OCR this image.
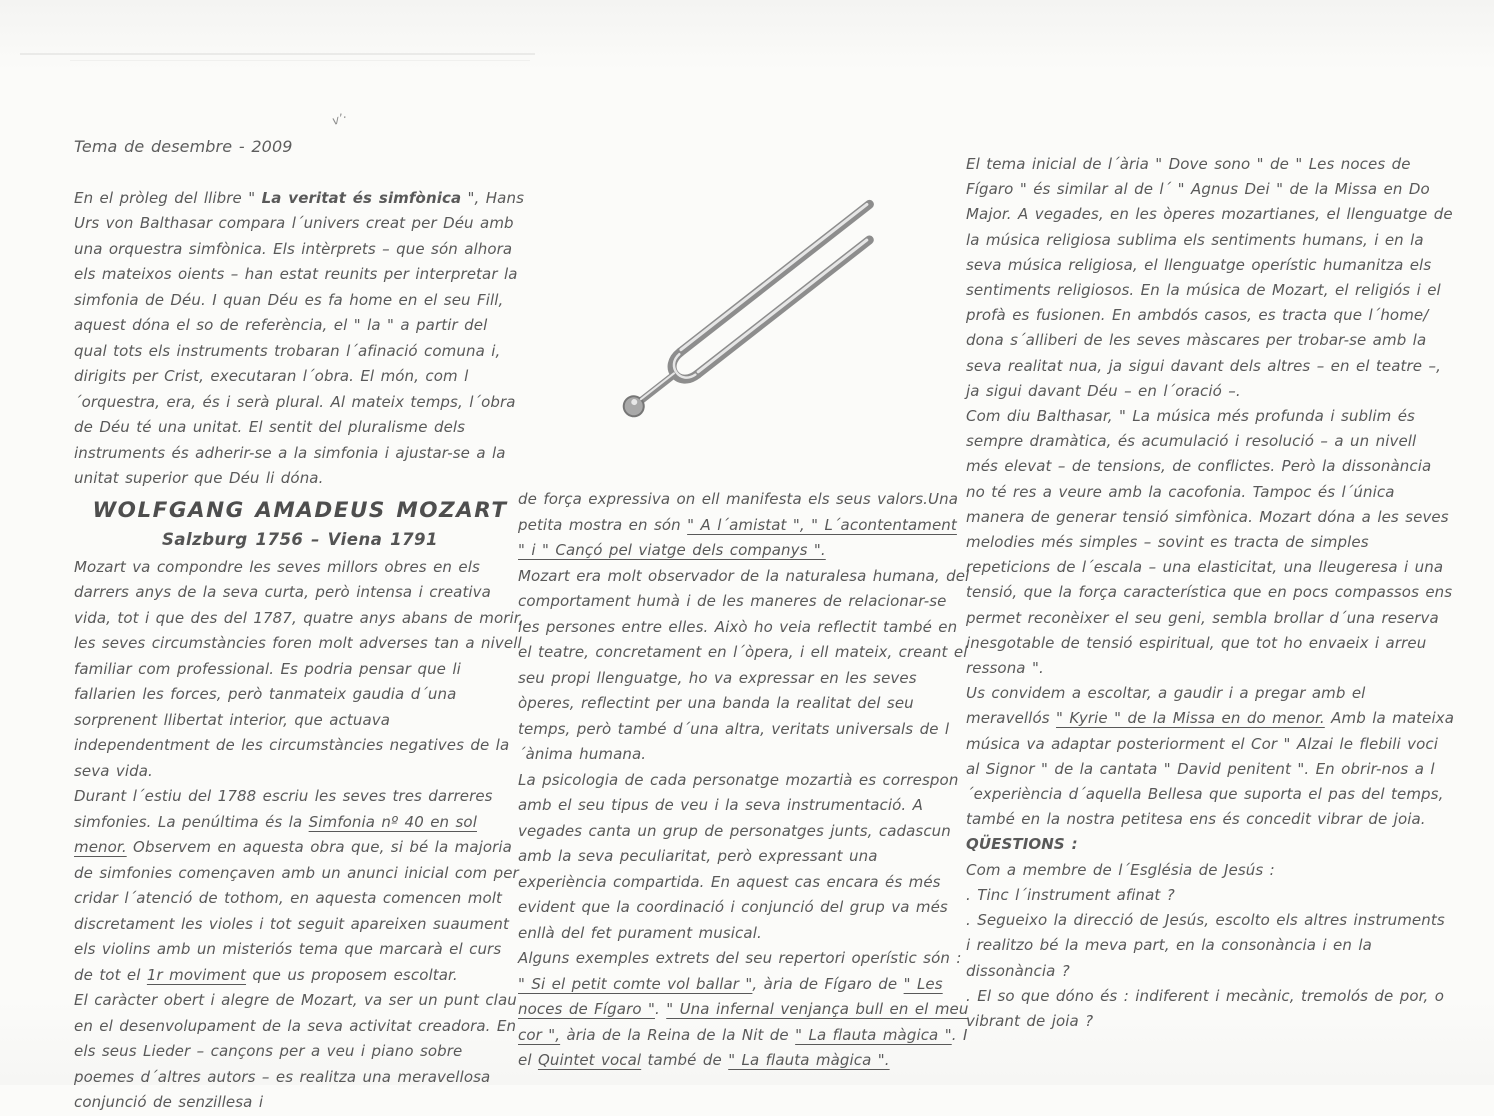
v’·
Tema de desembre - 2009
En el pròleg del llibre " La veritat és simfònica ", Hans Urs von Balthasar compara l´univers creat per Déu amb una orquestra simfònica. Els intèrprets – que són alhora els mateixos oients – han estat reunits per interpretar la simfonia de Déu. I quan Déu es fa home en el seu Fill, aquest dóna el so de referència, el " la " a partir del qual tots els instruments trobaran l´afinació comuna i, dirigits per Crist, executaran l´obra. El món, com l´orquestra, era, és i serà plural. Al mateix temps, l´obra de Déu té una unitat. El sentit del pluralisme dels instruments és adherir-se a la simfonia i ajustar-se a la unitat superior que Déu li dóna.
WOLFGANG AMADEUS MOZART
Salzburg 1756 – Viena 1791
Mozart va compondre les seves millors obres en els darrers anys de la seva curta, però intensa i creativa vida, tot i que des del 1787, quatre anys abans de morir, les seves circumstàncies foren molt adverses tan a nivell familiar com professional. Es podria pensar que li fallarien les forces, però tanmateix gaudia d´una sorprenent llibertat interior, que actuava independentment de les circumstàncies negatives de la seva vida.
Durant l´estiu del 1788 escriu les seves tres darreres simfonies. La penúltima és la Simfonia nº 40 en sol menor. Observem en aquesta obra que, si bé la majoria de simfonies començaven amb un anunci inicial com per cridar l´atenció de tothom, en aquesta comencen molt discretament les violes i tot seguit apareixen suaument els violins amb un misteriós tema que marcarà el curs de tot el 1r moviment que us proposem escoltar.
El caràcter obert i alegre de Mozart, va ser un punt clau en el desenvolupament de la seva activitat creadora. En els seus Lieder – cançons per a veu i piano sobre poemes d´altres autors – es realitza una meravellosa conjunció de senzillesa i
de força expressiva on ell manifesta els seus valors.Una petita mostra en són " A l´amistat ", " L´acontentament " i " Cançó pel viatge dels companys ".
Mozart era molt observador de la naturalesa humana, del comportament humà i de les maneres de relacionar-se les persones entre elles. Això ho veia reflectit també en el teatre, concretament en l´òpera, i ell mateix, creant el seu propi llenguatge, ho va expressar en les seves òperes, reflectint per una banda la realitat del seu temps, però també d´una altra, veritats universals de l´ànima humana.
La psicologia de cada personatge mozartià es correspon amb el seu tipus de veu i la seva instrumentació. A vegades canta un grup de personatges junts, cadascun amb la seva peculiaritat, però expressant una experiència compartida. En aquest cas encara és més evident que la coordinació i conjunció del grup va més enllà del fet purament musical.
Alguns exemples extrets del seu repertori operístic són : " Si el petit comte vol ballar ", ària de Fígaro de " Les noces de Fígaro ". " Una infernal venjança bull en el meu cor ", ària de la Reina de la Nit de " La flauta màgica ". I el Quintet vocal també de " La flauta màgica ".
El tema inicial de l´ària " Dove sono " de " Les noces de Fígaro " és similar al de l´ " Agnus Dei " de la Missa en Do Major. A vegades, en les òperes mozartianes, el llenguatge de la música religiosa sublima els sentiments humans, i en la seva música religiosa, el llenguatge operístic humanitza els sentiments religiosos. En la música de Mozart, el religiós i el profà es fusionen. En ambdós casos, es tracta que l´home/ dona s´alliberi de les seves màscares per trobar-se amb la seva realitat nua, ja sigui davant dels altres – en el teatre –, ja sigui davant Déu – en l´oració –.
Com diu Balthasar, " La música més profunda i sublim és sempre dramàtica, és acumulació i resolució – a un nivell més elevat – de tensions, de conflictes. Però la dissonància no té res a veure amb la cacofonia. Tampoc és l´única manera de generar tensió simfònica. Mozart dóna a les seves melodies més simples – sovint es tracta de simples repeticions de l´escala – una elasticitat, una lleugeresa i una tensió, que la força característica que en pocs compassos ens permet reconèixer el seu geni, sembla brollar d´una reserva inesgotable de tensió espiritual, que tot ho envaeix i arreu ressona ".
Us convidem a escoltar, a gaudir i a pregar amb el meravellós " Kyrie " de la Missa en do menor. Amb la mateixa música va adaptar posteriorment el Cor " Alzai le flebili voci al Signor " de la cantata " David penitent ". En obrir-nos a l´experiència d´aquella Bellesa que suporta el pas del temps, també en la nostra petitesa ens és concedit vibrar de joia.
QÜESTIONS :
Com a membre de l´Església de Jesús :
. Tinc l´instrument afinat ?
. Segueixo la direcció de Jesús, escolto els altres instruments i realitzo bé la meva part, en la consonància i en la dissonància ?
. El so que dóno és : indiferent i mecànic, tremolós de por, o vibrant de joia ?
